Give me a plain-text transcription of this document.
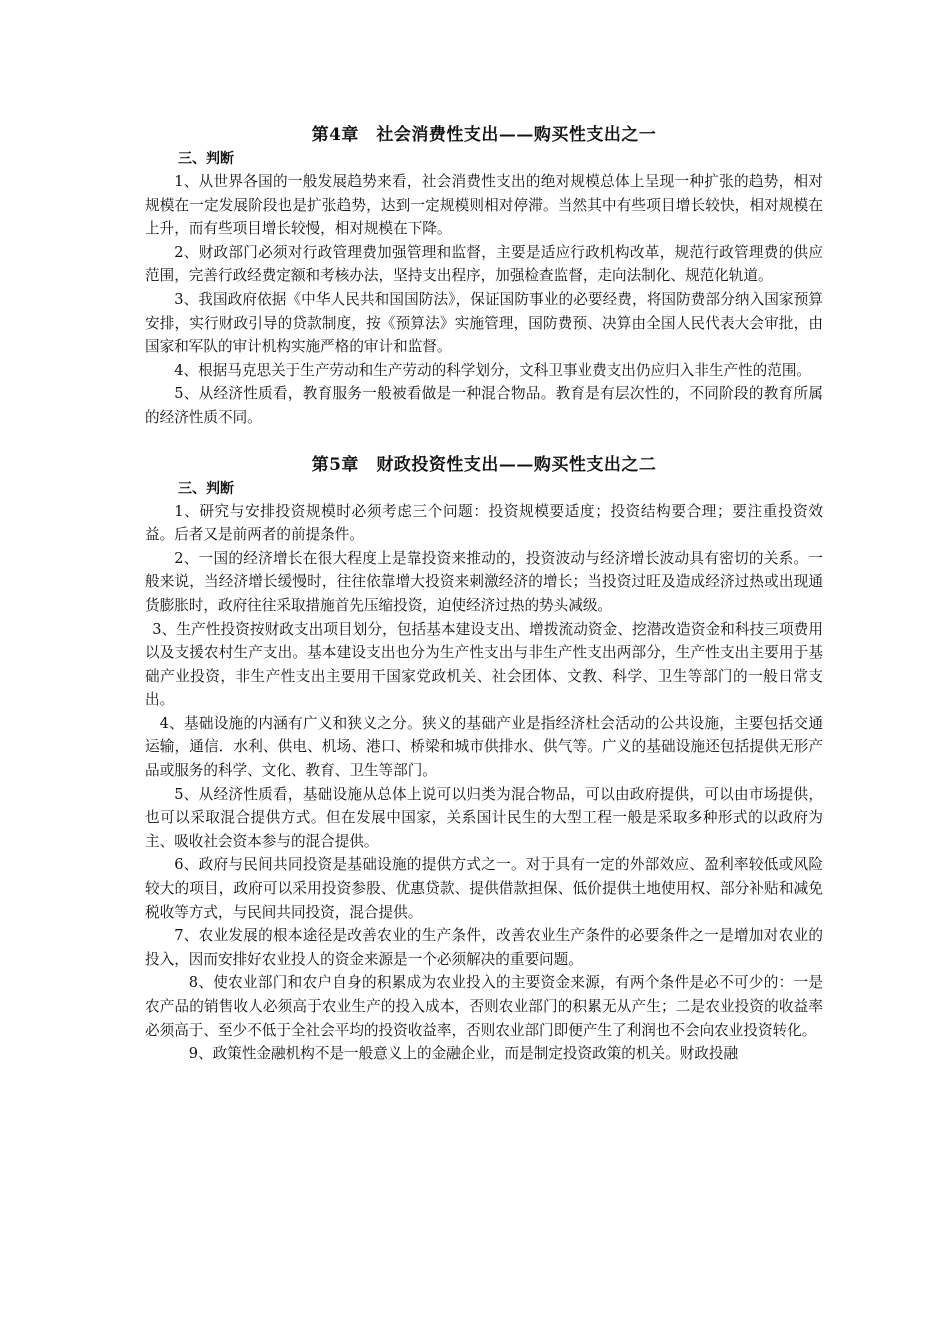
第4章　社会消费性支出——购买性支出之一
三、判断

1、从世界各国的一般发展趋势来看，社会消费性支出的绝对规模总体上呈现一种扩张的趋势，相对规模在一定发展阶段也是扩张趋势，达到一定规模则相对停滞。当然其中有些项目增长较快，相对规模在上升，而有些项目增长较慢，相对规模在下降。

2、财政部门必须对行政管理费加强管理和监督，主要是适应行政机构改革，规范行政管理费的供应范围，完善行政经费定额和考核办法，坚持支出程序，加强检查监督，走向法制化、规范化轨道。

3、我国政府依据《中华人民共和国国防法》，保证国防事业的必要经费，将国防费部分纳入国家预算安排，实行财政引导的贷款制度，按《预算法》实施管理，国防费预、决算由全国人民代表大会审批，由国家和军队的审计机构实施严格的审计和监督。

4、根据马克思关于生产劳动和生产劳动的科学划分，文科卫事业费支出仍应归入非生产性的范围。

5、从经济性质看，教育服务一般被看做是一种混合物品。教育是有层次性的，不同阶段的教育所属的经济性质不同。

第5章　财政投资性支出——购买性支出之二
三、判断

1、研究与安排投资规模时必须考虑三个问题：投资规模要适度；投资结构要合理；要注重投资效益。后者又是前两者的前提条件。

2、一国的经济增长在很大程度上是靠投资来推动的，投资波动与经济增长波动具有密切的关系。一般来说，当经济增长缓慢时，往往依靠增大投资来刺激经济的增长；当投资过旺及造成经济过热或出现通货膨胀时，政府往往采取措施首先压缩投资，迫使经济过热的势头减级。

3、生产性投资按财政支出项目划分，包括基本建设支出、增拨流动资金、挖潜改造资金和科技三项费用以及支援农村生产支出。基本建设支出也分为生产性支出与非生产性支出两部分，生产性支出主要用于基础产业投资，非生产性支出主要用干国家党政机关、社会团体、文教、科学、卫生等部门的一般日常支出。

4、基础设施的内涵有广义和狭义之分。狭义的基础产业是指经济杜会活动的公共设施，主要包括交通运输，通信．水利、供电、机场、港口、桥梁和城市供排水、供气等。广义的基础设施还包括提供无形产品或服务的科学、文化、教育、卫生等部门。

5、从经济性质看，基础设施从总体上说可以归类为混合物品，可以由政府提供，可以由市场提供，也可以采取混合提供方式。但在发展中国家，关系国计民生的大型工程一般是采取多种形式的以政府为主、吸收社会资本参与的混合提供。

6、政府与民间共同投资是基础设施的提供方式之一。对于具有一定的外部效应、盈利率较低或风险较大的项目，政府可以采用投资参股、优惠贷款、提供借款担保、低价提供土地使用权、部分补贴和减免税收等方式，与民间共同投资，混合提供。

7、农业发展的根本途径是改善农业的生产条件，改善农业生产条件的必要条件之一是增加对农业的投入，因而安排好农业投人的资金来源是一个必须解决的重要问题。

8、使农业部门和农户自身的积累成为农业投入的主要资金来源，有两个条件是必不可少的：一是农产品的销售收人必须高于农业生产的投入成本，否则农业部门的积累无从产生；二是农业投资的收益率必须高于、至少不低于全社会平均的投资收益率，否则农业部门即便产生了利润也不会向农业投资转化。

9、政策性金融机构不是一般意义上的金融企业，而是制定投资政策的机关。财政投融
